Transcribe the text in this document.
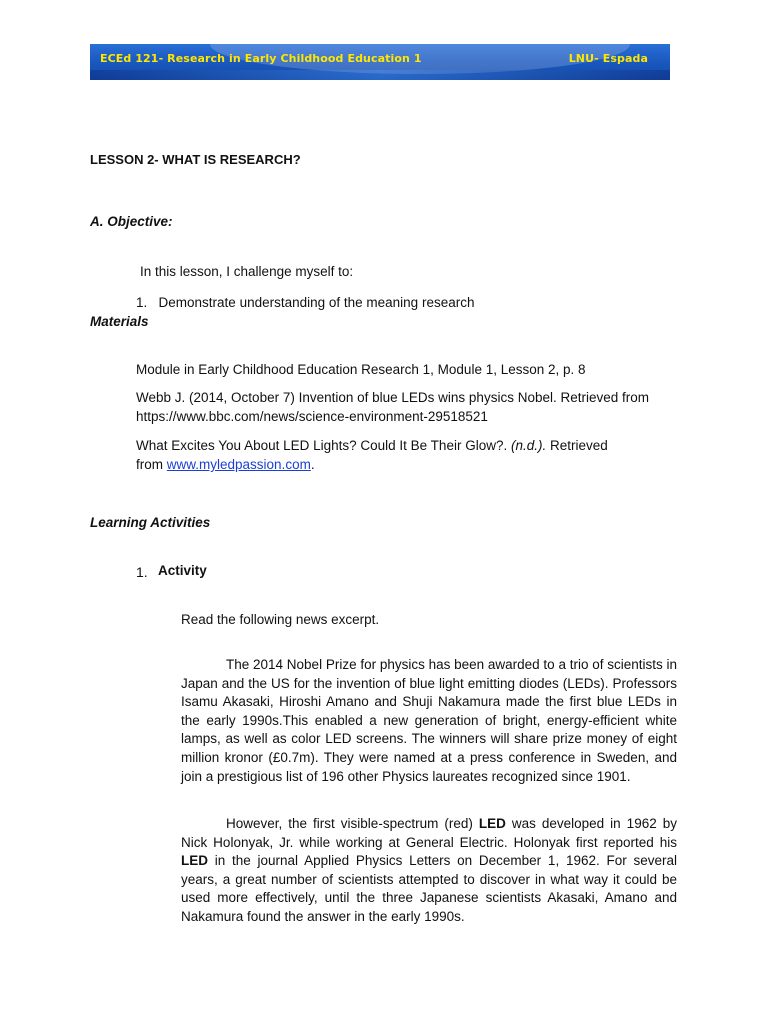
ECEd 121- Research in Early Childhood Education 1	LNU- Espada
LESSON 2- WHAT IS RESEARCH?
A. Objective:
In this lesson, I challenge myself to:
1. Demonstrate understanding of the meaning research
Materials
Module in Early Childhood Education Research 1, Module 1, Lesson 2, p. 8
Webb J. (2014, October 7) Invention of blue LEDs wins physics Nobel. Retrieved from
https://www.bbc.com/news/science-environment-29518521
What Excites You About LED Lights? Could It Be Their Glow?. (n.d.). Retrieved
from www.myledpassion.com.
Learning Activities
1. Activity
Read the following news excerpt.

The 2014 Nobel Prize for physics has been awarded to a trio of scientists in Japan and the US for the invention of blue light emitting diodes (LEDs). Professors Isamu Akasaki, Hiroshi Amano and Shuji Nakamura made the first blue LEDs in the early 1990s.This enabled a new generation of bright, energy-efficient white lamps, as well as color LED screens. The winners will share prize money of eight million kronor (£0.7m). They were named at a press conference in Sweden, and join a prestigious list of 196 other Physics laureates recognized since 1901.

However, the first visible-spectrum (red) LED was developed in 1962 by Nick Holonyak, Jr. while working at General Electric. Holonyak first reported his LED in the journal Applied Physics Letters on December 1, 1962. For several years, a great number of scientists attempted to discover in what way it could be used more effectively, until the three Japanese scientists Akasaki, Amano and Nakamura found the answer in the early 1990s.
